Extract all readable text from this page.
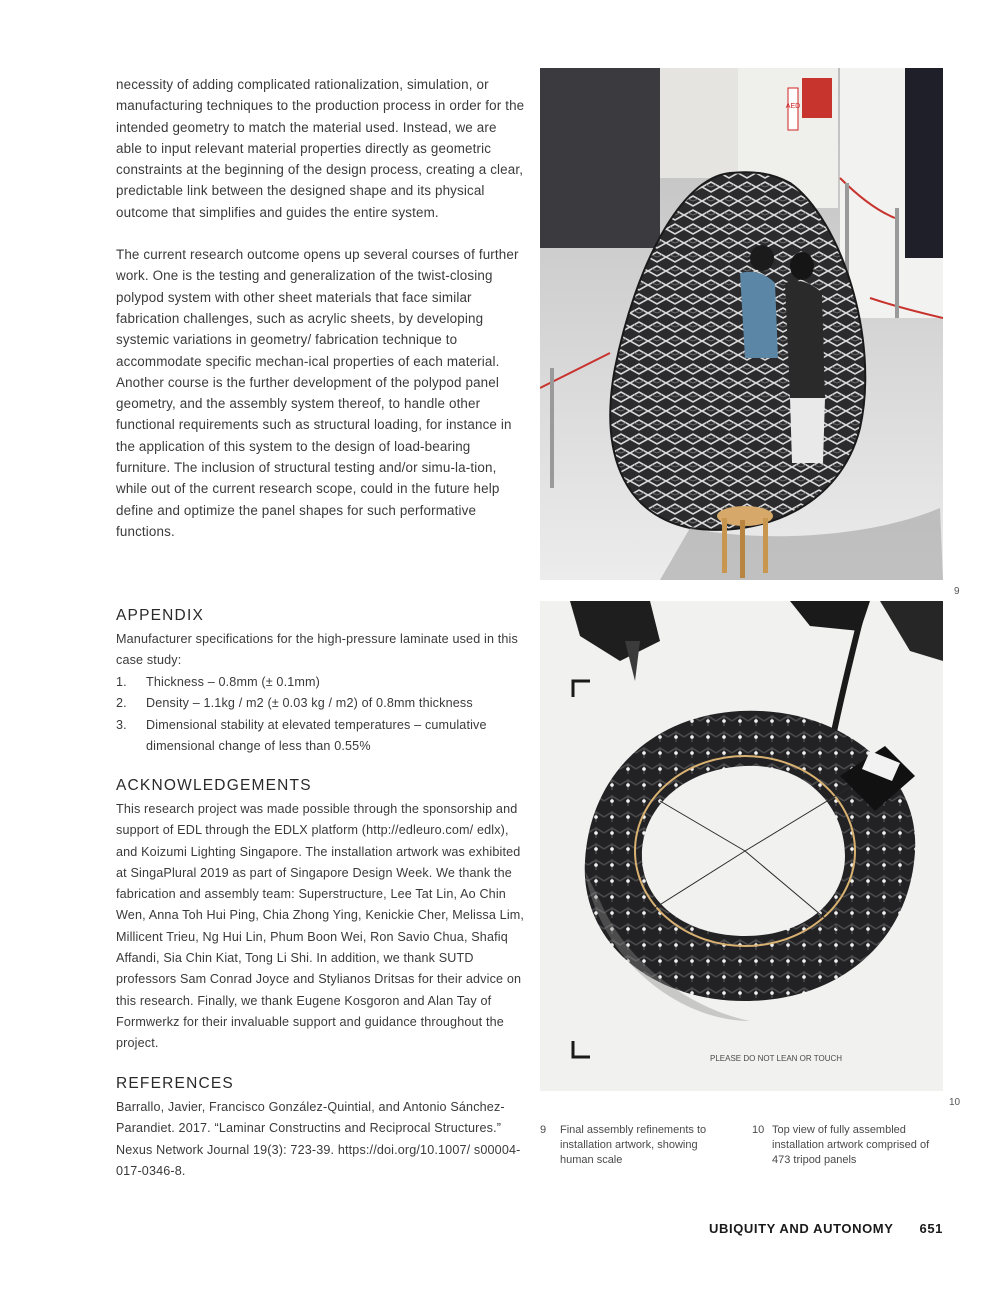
necessity of adding complicated rationalization, simulation, or manufacturing techniques to the production process in order for the intended geometry to match the material used. Instead, we are able to input relevant material properties directly as geometric constraints at the beginning of the design process, creating a clear, predictable link between the designed shape and its physical outcome that simplifies and guides the entire system.

The current research outcome opens up several courses of further work. One is the testing and generalization of the twist-closing polypod system with other sheet materials that face similar fabrication challenges, such as acrylic sheets, by developing systemic variations in geometry/ fabrication technique to accommodate specific mechan-ical properties of each material. Another course is the further development of the polypod panel geometry, and the assembly system thereof, to handle other functional requirements such as structural loading, for instance in the application of this system to the design of load-bearing furniture. The inclusion of structural testing and/or simu-la-tion, while out of the current research scope, could in the future help define and optimize the panel shapes for such performative functions.

APPENDIX

Manufacturer specifications for the high-pressure laminate used in this case study:

1.	Thickness – 0.8mm (± 0.1mm)
2.	Density – 1.1kg / m2 (± 0.03 kg / m2) of 0.8mm thickness
3.	Dimensional stability at elevated temperatures – cumulative dimensional change of less than 0.55%
ACKNOWLEDGEMENTS

This research project was made possible through the sponsorship and support of EDL through the EDLX platform (http://edleuro.com/ edlx), and Koizumi Lighting Singapore. The installation artwork was exhibited at SingaPlural 2019 as part of Singapore Design Week. We thank the fabrication and assembly team: Superstructure, Lee Tat Lin, Ao Chin Wen, Anna Toh Hui Ping, Chia Zhong Ying, Kenickie Cher, Melissa Lim, Millicent Trieu, Ng Hui Lin, Phum Boon Wei, Ron Savio Chua, Shafiq Affandi, Sia Chin Kiat, Tong Li Shi. In addition, we thank SUTD professors Sam Conrad Joyce and Stylianos Dritsas for their advice on this research. Finally, we thank Eugene Kosgoron and Alan Tay of Formwerkz for their invaluable support and guidance throughout the project.

REFERENCES

Barrallo, Javier, Francisco González-Quintial, and Antonio Sánchez-Parandiet. 2017. “Laminar Constructins and Reciprocal Structures.” Nexus Network Journal 19(3): 723-39. https://doi.org/10.1007/ s00004-017-0346-8.

AED
9
PLEASE DO NOT LEAN OR TOUCH
10
9	Final assembly refinements to installation artwork, showing human scale
10 Top view of fully assembled installation artwork comprised of 473 tripod panels
UBIQUITY AND AUTONOMY 651
